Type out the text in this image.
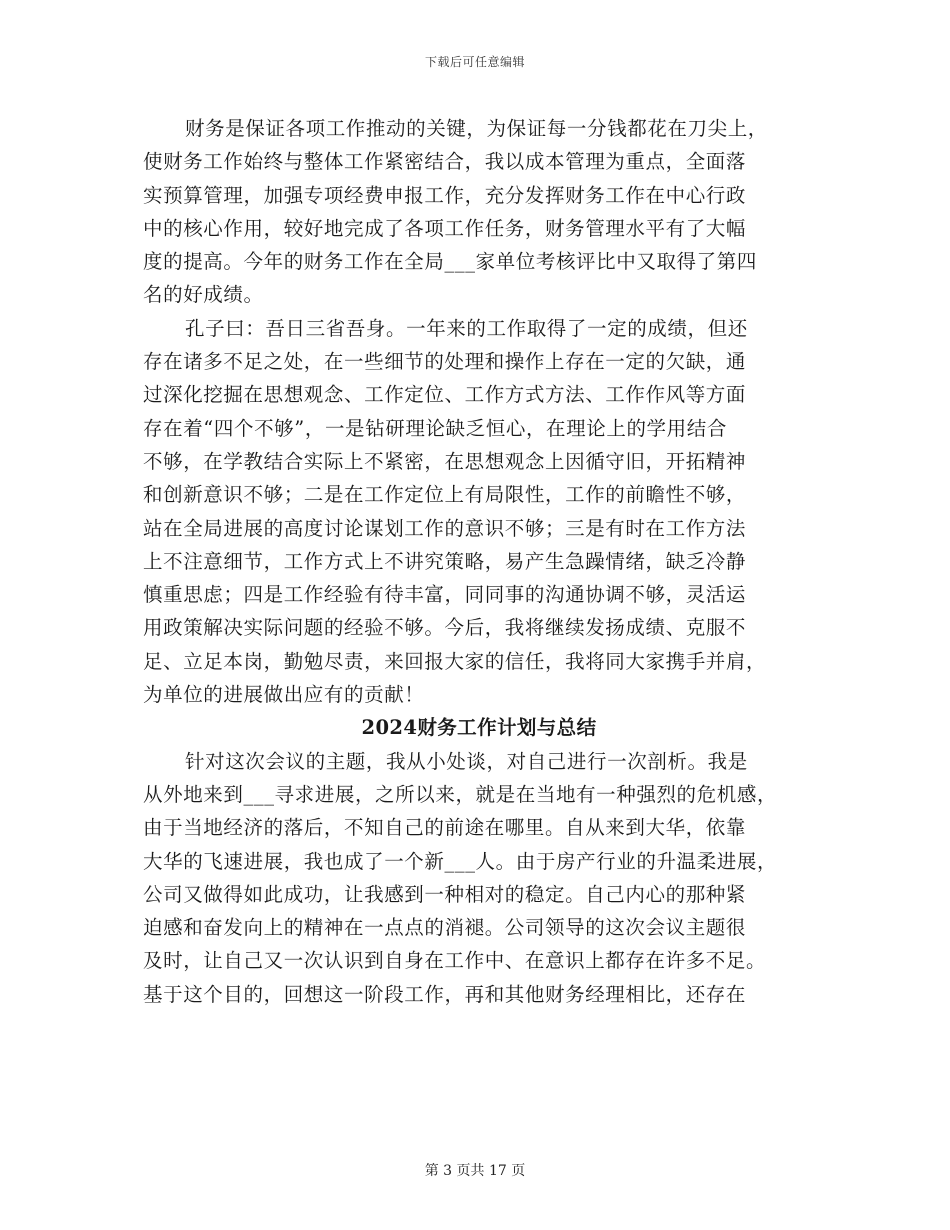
下载后可任意编辑
财务是保证各项工作推动的关键，为保证每一分钱都花在刀尖上，
使财务工作始终与整体工作紧密结合，我以成本管理为重点，全面落
实预算管理，加强专项经费申报工作，充分发挥财务工作在中心行政
中的核心作用，较好地完成了各项工作任务，财务管理水平有了大幅
度的提高。今年的财务工作在全局___家单位考核评比中又取得了第四
名的好成绩。
孔子曰：吾日三省吾身。一年来的工作取得了一定的成绩，但还
存在诸多不足之处，在一些细节的处理和操作上存在一定的欠缺，通
过深化挖掘在思想观念、工作定位、工作方式方法、工作作风等方面
存在着“四个不够”，一是钻研理论缺乏恒心，在理论上的学用结合
不够，在学教结合实际上不紧密，在思想观念上因循守旧，开拓精神
和创新意识不够；二是在工作定位上有局限性，工作的前瞻性不够，
站在全局进展的高度讨论谋划工作的意识不够；三是有时在工作方法
上不注意细节，工作方式上不讲究策略，易产生急躁情绪，缺乏冷静
慎重思虑；四是工作经验有待丰富，同同事的沟通协调不够，灵活运
用政策解决实际问题的经验不够。今后，我将继续发扬成绩、克服不
足、立足本岗，勤勉尽责，来回报大家的信任，我将同大家携手并肩，
为单位的进展做出应有的贡献！
2024财务工作计划与总结
针对这次会议的主题，我从小处谈，对自己进行一次剖析。我是
从外地来到___寻求进展，之所以来，就是在当地有一种强烈的危机感，
由于当地经济的落后，不知自己的前途在哪里。自从来到大华，依靠
大华的飞速进展，我也成了一个新___人。由于房产行业的升温柔进展，
公司又做得如此成功，让我感到一种相对的稳定。自己内心的那种紧
迫感和奋发向上的精神在一点点的消褪。公司领导的这次会议主题很
及时，让自己又一次认识到自身在工作中、在意识上都存在许多不足。
基于这个目的，回想这一阶段工作，再和其他财务经理相比，还存在
第 3 页共 17 页
